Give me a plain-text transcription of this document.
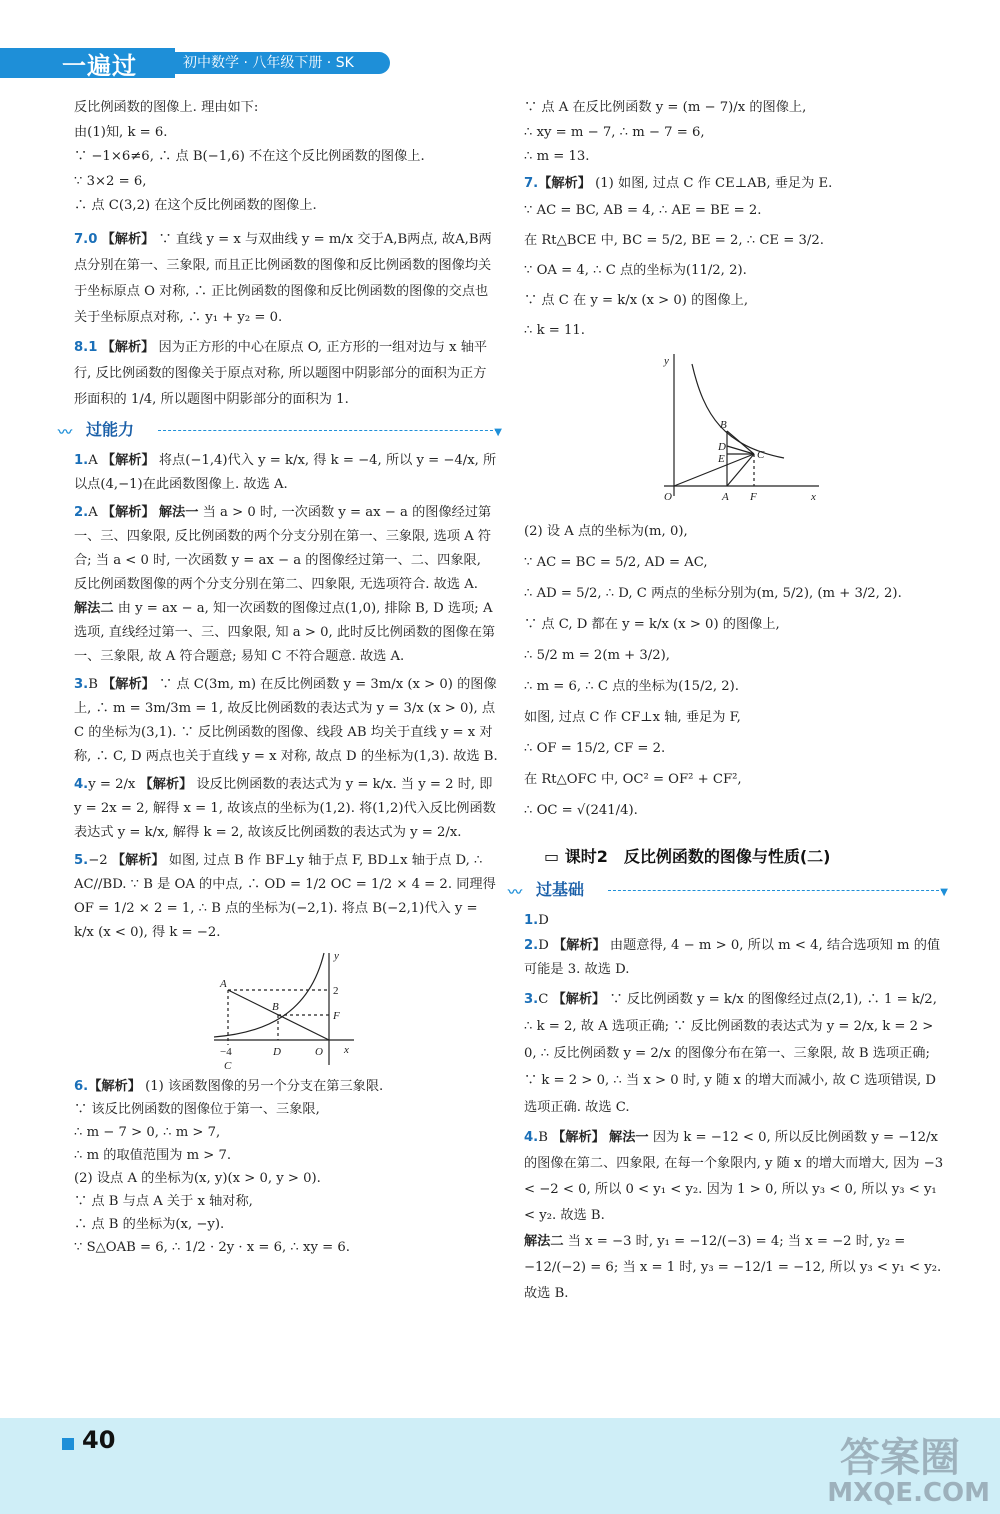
一遍过	初中数学 · 八年级下册 · SK

反比例函数的图像上. 理由如下:

由(1)知, k = 6.

∵ −1×6≠6, ∴ 点 B(−1,6) 不在这个反比例函数的图像上.

∵ 3×2 = 6,

∴ 点 C(3,2) 在这个反比例函数的图像上.

7.0 【解析】 ∵ 直线 y = x 与双曲线 y = m/x 交于A,B两点, 故A,B两点分别在第一、三象限, 而且正比例函数的图像和反比例函数的图像均关于坐标原点 O 对称, ∴ 正比例函数的图像和反比例函数的图像的交点也关于坐标原点对称, ∴ y₁ + y₂ = 0.

8.1 【解析】 因为正方形的中心在原点 O, 正方形的一组对边与 x 轴平行, 反比例函数的图像关于原点对称, 所以题图中阴影部分的面积为正方形面积的 1/4, 所以题图中阴影部分的面积为 1.

〰 过能力	▼

1.A 【解析】 将点(−1,4)代入 y = k/x, 得 k = −4, 所以 y = −4/x, 所以点(4,−1)在此函数图像上. 故选 A.

2.A 【解析】 解法一 当 a > 0 时, 一次函数 y = ax − a 的图像经过第一、三、四象限, 反比例函数的两个分支分别在第一、三象限, 选项 A 符合; 当 a < 0 时, 一次函数 y = ax − a 的图像经过第一、二、四象限, 反比例函数图像的两个分支分别在第二、四象限, 无选项符合. 故选 A.
解法二 由 y = ax − a, 知一次函数的图像过点(1,0), 排除 B, D 选项; A 选项, 直线经过第一、三、四象限, 知 a > 0, 此时反比例函数的图像在第一、三象限, 故 A 符合题意; 易知 C 不符合题意. 故选 A.

3.B 【解析】 ∵ 点 C(3m, m) 在反比例函数 y = 3m/x (x > 0) 的图像上, ∴ m = 3m/3m = 1, 故反比例函数的表达式为 y = 3/x (x > 0), 点 C 的坐标为(3,1). ∵ 反比例函数的图像、线段 AB 均关于直线 y = x 对称, ∴ C, D 两点也关于直线 y = x 对称, 故点 D 的坐标为(1,3). 故选 B.

4.y = 2/x 【解析】 设反比例函数的表达式为 y = k/x. 当 y = 2 时, 即 y = 2x = 2, 解得 x = 1, 故该点的坐标为(1,2). 将(1,2)代入反比例函数表达式 y = k/x, 解得 k = 2, 故该反比例函数的表达式为 y = 2/x.

5.−2 【解析】 如图, 过点 B 作 BF⊥y 轴于点 F, BD⊥x 轴于点 D, ∴ AC//BD. ∵ B 是 OA 的中点, ∴ OD = 1/2 OC = 1/2 × 4 = 2. 同理得 OF = 1/2 × 2 = 1, ∴ B 点的坐标为(−2,1). 将点 B(−2,1)代入 y = k/x (x < 0), 得 k = −2.

A
B
C
D	O
F
x
y
2
−4

6.【解析】 (1) 该函数图像的另一个分支在第三象限.

∵ 该反比例函数的图像位于第一、三象限,

∴ m − 7 > 0, ∴ m > 7,

∴ m 的取值范围为 m > 7.

(2) 设点 A 的坐标为(x, y)(x > 0, y > 0).

∵ 点 B 与点 A 关于 x 轴对称,

∴ 点 B 的坐标为(x, −y).

∵ S△OAB = 6, ∴ 1/2 · 2y · x = 6, ∴ xy = 6.

∵ 点 A 在反比例函数 y = (m − 7)/x 的图像上,

∴ xy = m − 7, ∴ m − 7 = 6,

∴ m = 13.

7.【解析】 (1) 如图, 过点 C 作 CE⊥AB, 垂足为 E.

∵ AC = BC, AB = 4, ∴ AE = BE = 2.

在 Rt△BCE 中, BC = 5/2, BE = 2, ∴ CE = 3/2.

∵ OA = 4, ∴ C 点的坐标为(11/2, 2).

∵ 点 C 在 y = k/x (x > 0) 的图像上,

∴ k = 11.

B
D
E	C
A F
O	x
y

(2) 设 A 点的坐标为(m, 0),

∵ AC = BC = 5/2, AD = AC,

∴ AD = 5/2, ∴ D, C 两点的坐标分别为(m, 5/2), (m + 3/2, 2).

∵ 点 C, D 都在 y = k/x (x > 0) 的图像上,

∴ 5/2 m = 2(m + 3/2),

∴ m = 6, ∴ C 点的坐标为(15/2, 2).

如图, 过点 C 作 CF⊥x 轴, 垂足为 F,

∴ OF = 15/2, CF = 2.

在 Rt△OFC 中, OC² = OF² + CF²,

∴ OC = √(241/4).

▭ 课时2　反比例函数的图像与性质(二)
〰 过基础	▼

1.D

2.D 【解析】 由题意得, 4 − m > 0, 所以 m < 4, 结合选项知 m 的值可能是 3. 故选 D.

3.C 【解析】 ∵ 反比例函数 y = k/x 的图像经过点(2,1), ∴ 1 = k/2, ∴ k = 2, 故 A 选项正确; ∵ 反比例函数的表达式为 y = 2/x, k = 2 > 0, ∴ 反比例函数 y = 2/x 的图像分布在第一、三象限, 故 B 选项正确; ∵ k = 2 > 0, ∴ 当 x > 0 时, y 随 x 的增大而减小, 故 C 选项错误, D 选项正确. 故选 C.

4.B 【解析】 解法一 因为 k = −12 < 0, 所以反比例函数 y = −12/x 的图像在第二、四象限, 在每一个象限内, y 随 x 的增大而增大, 因为 −3 < −2 < 0, 所以 0 < y₁ < y₂. 因为 1 > 0, 所以 y₃ < 0, 所以 y₃ < y₁ < y₂. 故选 B.
解法二 当 x = −3 时, y₁ = −12/(−3) = 4; 当 x = −2 时, y₂ = −12/(−2) = 6; 当 x = 1 时, y₃ = −12/1 = −12, 所以 y₃ < y₁ < y₂. 故选 B.

40	答案圈
MXQE.COM
